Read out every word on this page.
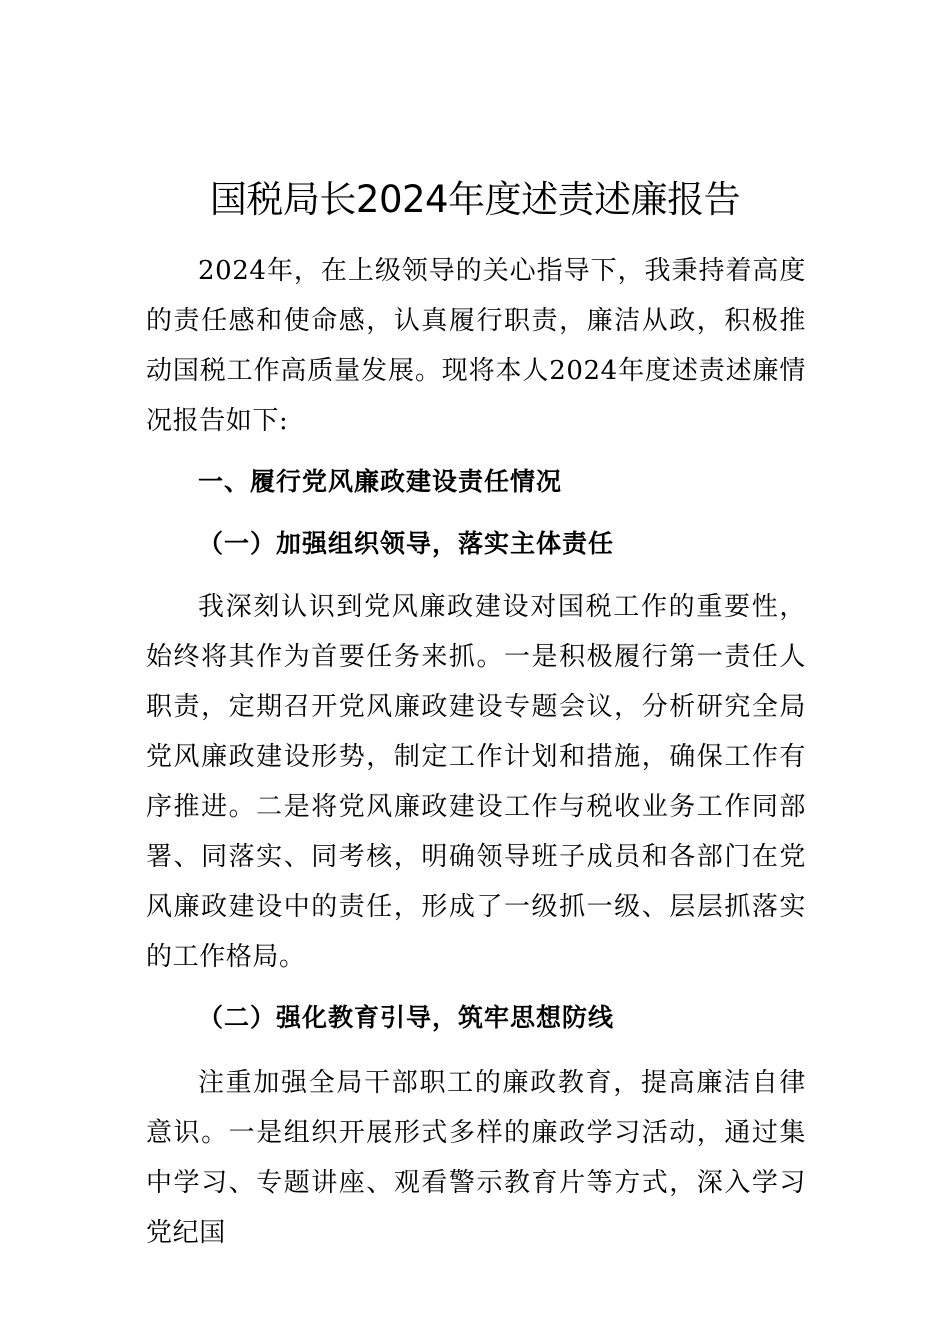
国税局长2024年度述责述廉报告

2024年，在上级领导的关心指导下，我秉持着高度的责任感和使命感，认真履行职责，廉洁从政，积极推动国税工作高质量发展。现将本人2024年度述责述廉情况报告如下:

一、履行党风廉政建设责任情况
（一）加强组织领导，落实主体责任

我深刻认识到党风廉政建设对国税工作的重要性，始终将其作为首要任务来抓。一是积极履行第一责任人职责，定期召开党风廉政建设专题会议，分析研究全局党风廉政建设形势，制定工作计划和措施，确保工作有序推进。二是将党风廉政建设工作与税收业务工作同部署、同落实、同考核，明确领导班子成员和各部门在党风廉政建设中的责任，形成了一级抓一级、层层抓落实的工作格局。

（二）强化教育引导，筑牢思想防线

注重加强全局干部职工的廉政教育，提高廉洁自律意识。一是组织开展形式多样的廉政学习活动，通过集中学习、专题讲座、观看警示教育片等方式，深入学习党纪国
